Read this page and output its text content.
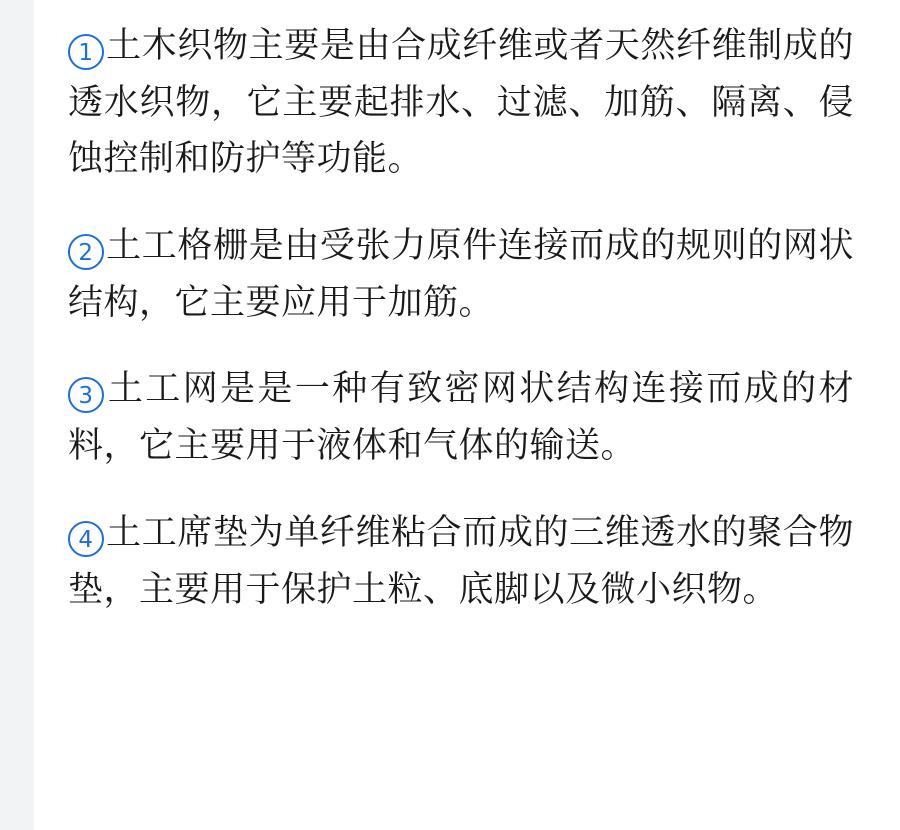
1 土木织物主要是由合成纤维或者天然纤维制成的透水织物，它主要起排水、过滤、加筋、隔离、侵蚀控制和防护等功能。

2 土工格栅是由受张力原件连接而成的规则的网状结构，它主要应用于加筋。

3 土工网是是一种有致密网状结构连接而成的材料，它主要用于液体和气体的输送。

4 土工席垫为单纤维粘合而成的三维透水的聚合物垫，主要用于保护土粒、底脚以及微小织物。
